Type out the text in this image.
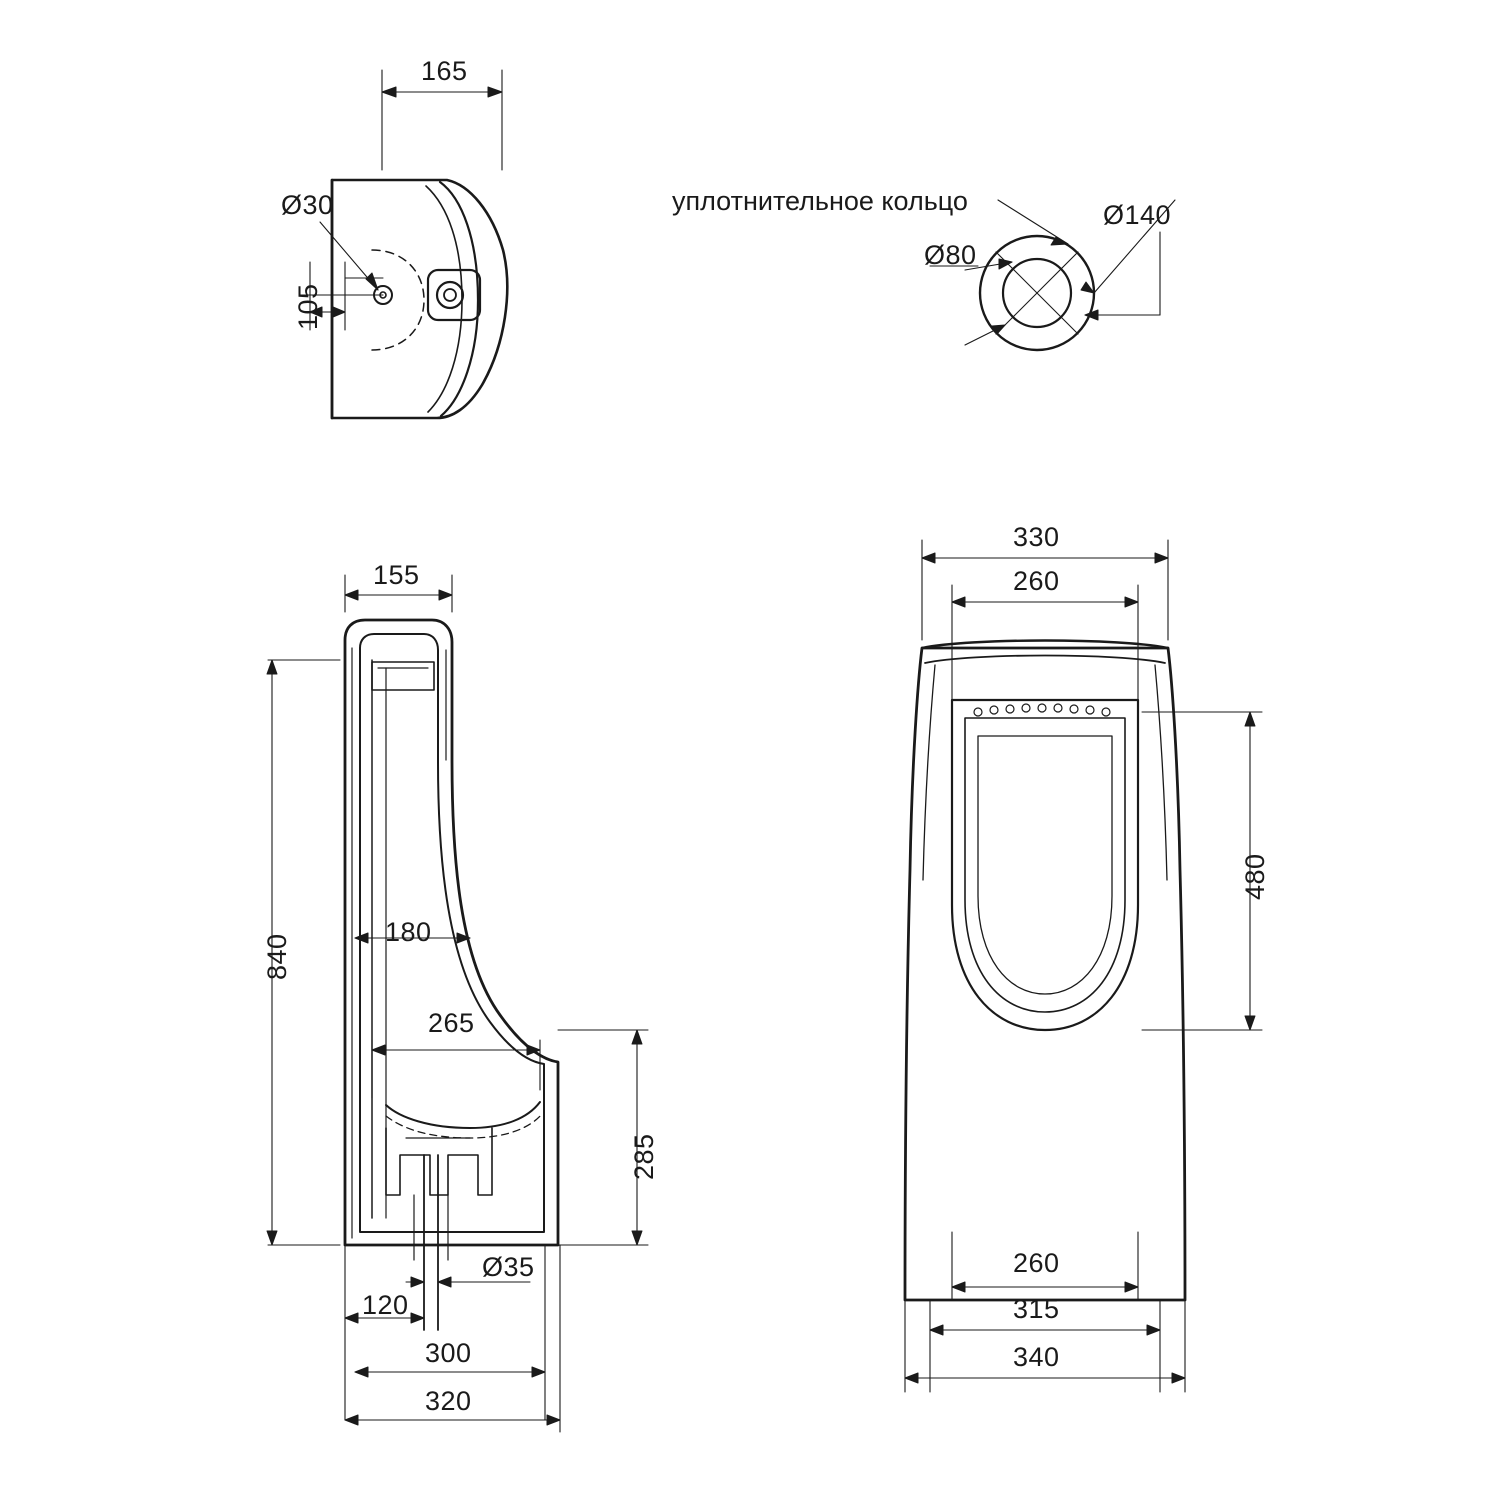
165
Ø30
105
уплотнительное кольцо
Ø80
Ø140
155
840
180
265
285
Ø35
120
300
320
330
260
480
260
315
340
